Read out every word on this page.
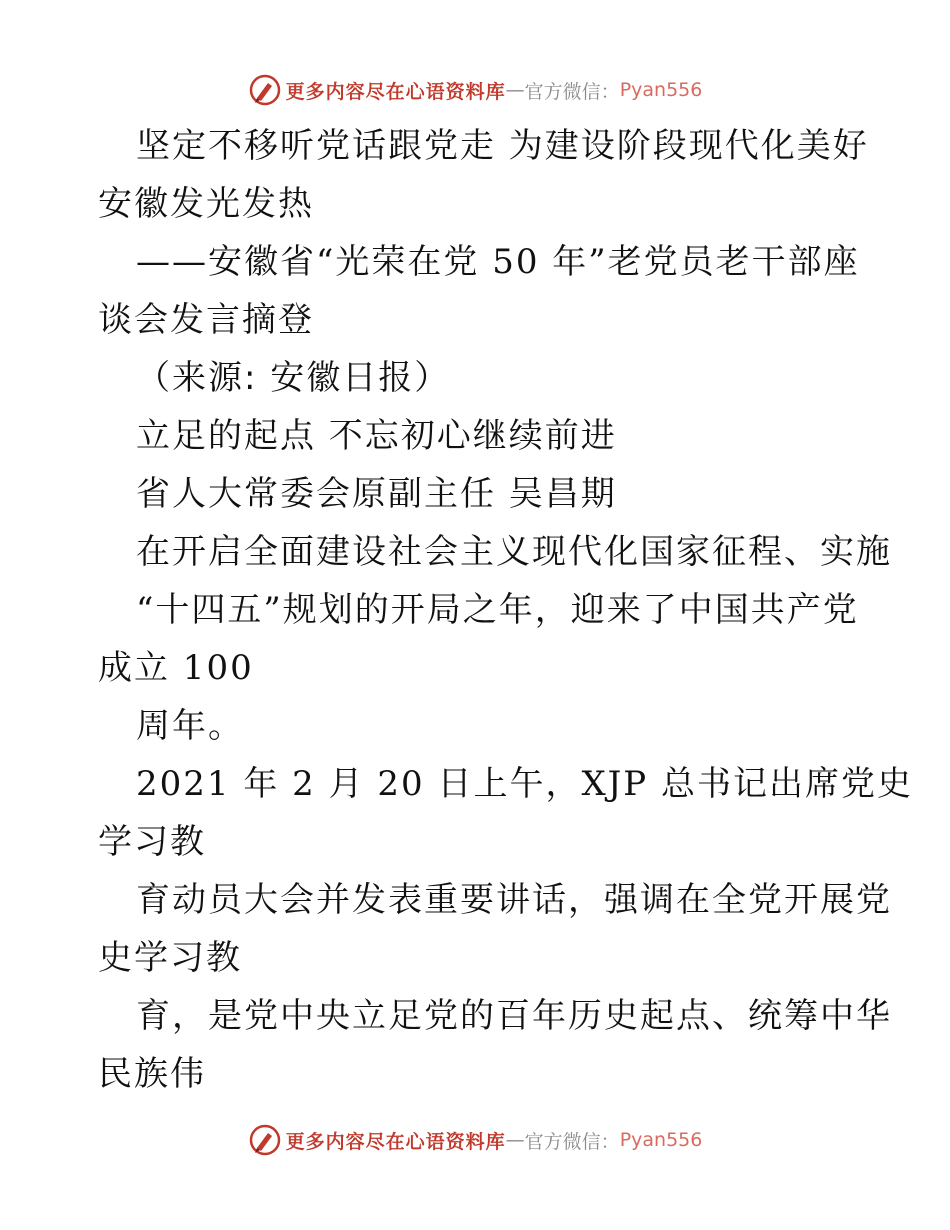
更多内容尽在心语资料库 — 官方微信： Pyan556
坚定不移听党话跟党走 为建设阶段现代化美好
安徽发光发热
——安徽省“光荣在党 50 年”老党员老干部座
谈会发言摘登
（来源: 安徽日报）
立足的起点 不忘初心继续前进
省人大常委会原副主任 吴昌期
在开启全面建设社会主义现代化国家征程、实施
“十四五”规划的开局之年，迎来了中国共产党
成立 100
周年。
2021 年 2 月 20 日上午，XJP 总书记出席党史
学习教
育动员大会并发表重要讲话，强调在全党开展党
史学习教
育，是党中央立足党的百年历史起点、统筹中华
民族伟
更多内容尽在心语资料库 — 官方微信： Pyan556
